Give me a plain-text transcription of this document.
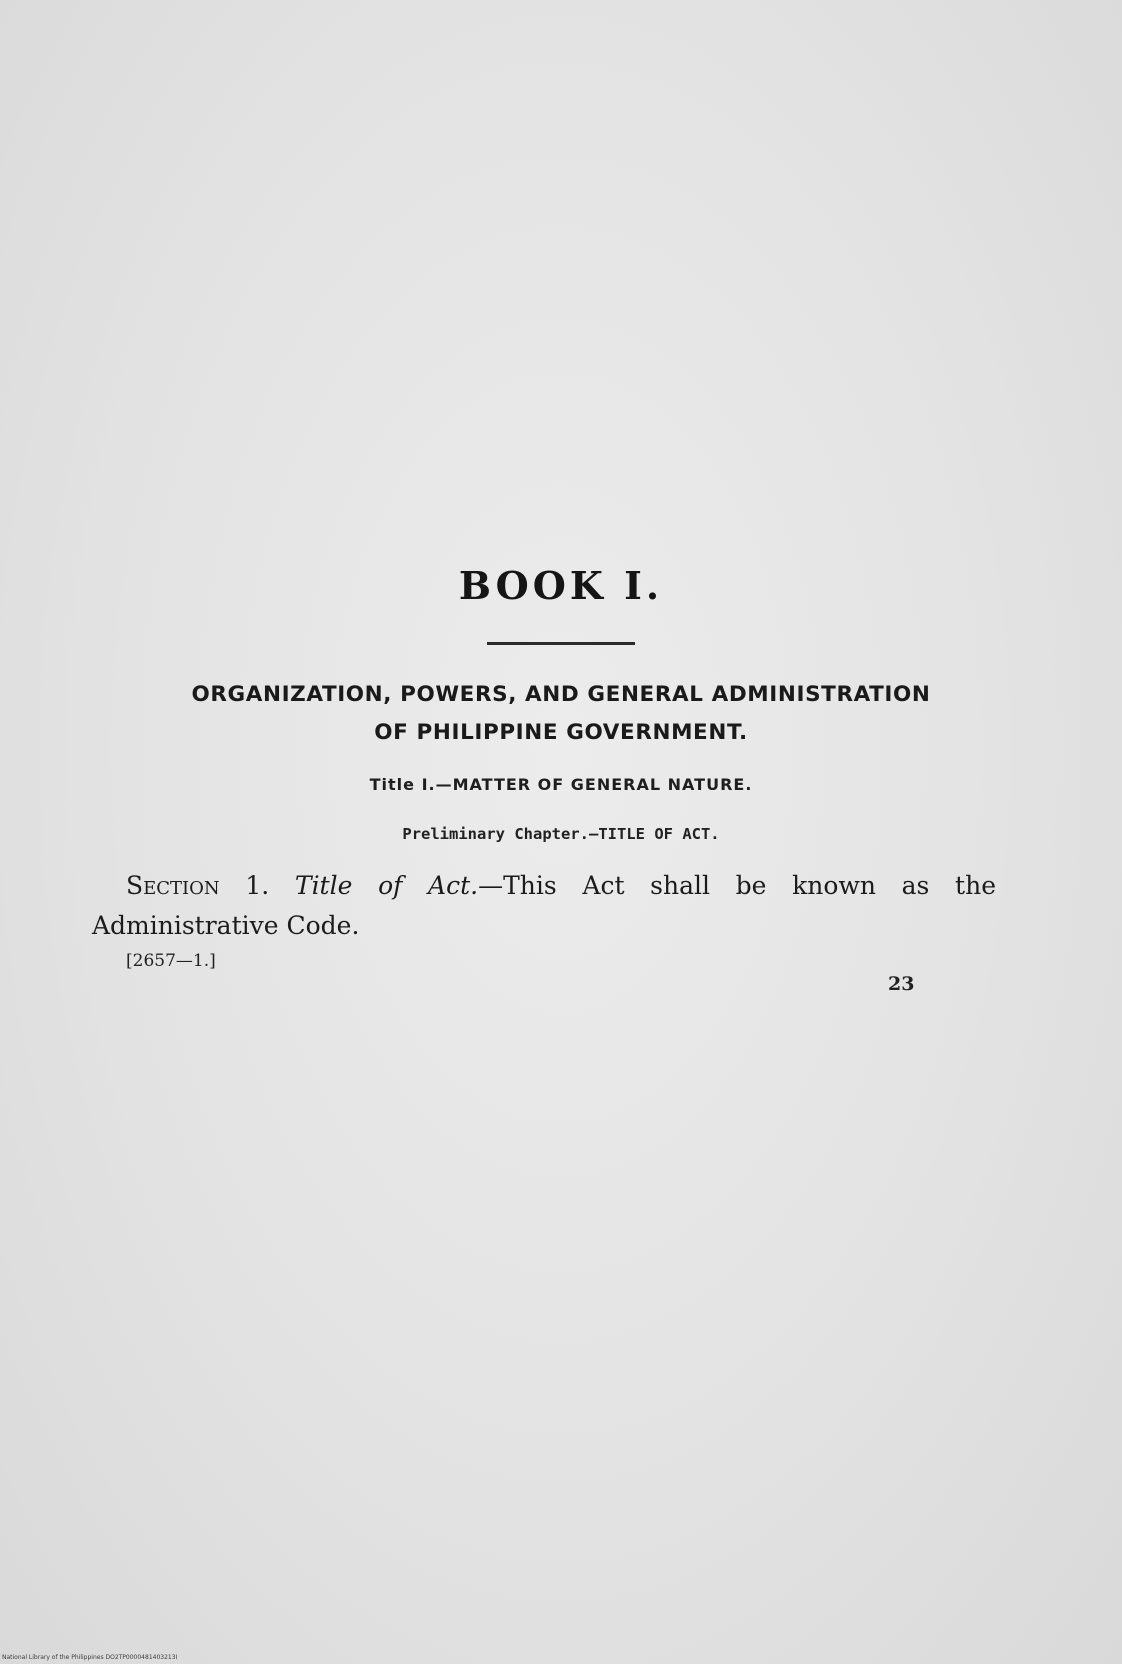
BOOK I.
ORGANIZATION, POWERS, AND GENERAL ADMINISTRATION
OF PHILIPPINE GOVERNMENT.
Title I.—MATTER OF GENERAL NATURE.
Preliminary Chapter.—TITLE OF ACT.
Section 1. Title of Act.—This Act shall be known as the Administrative Code.
[2657—1.]
23
National Library of the Philippines DO2TP0000481403213I
